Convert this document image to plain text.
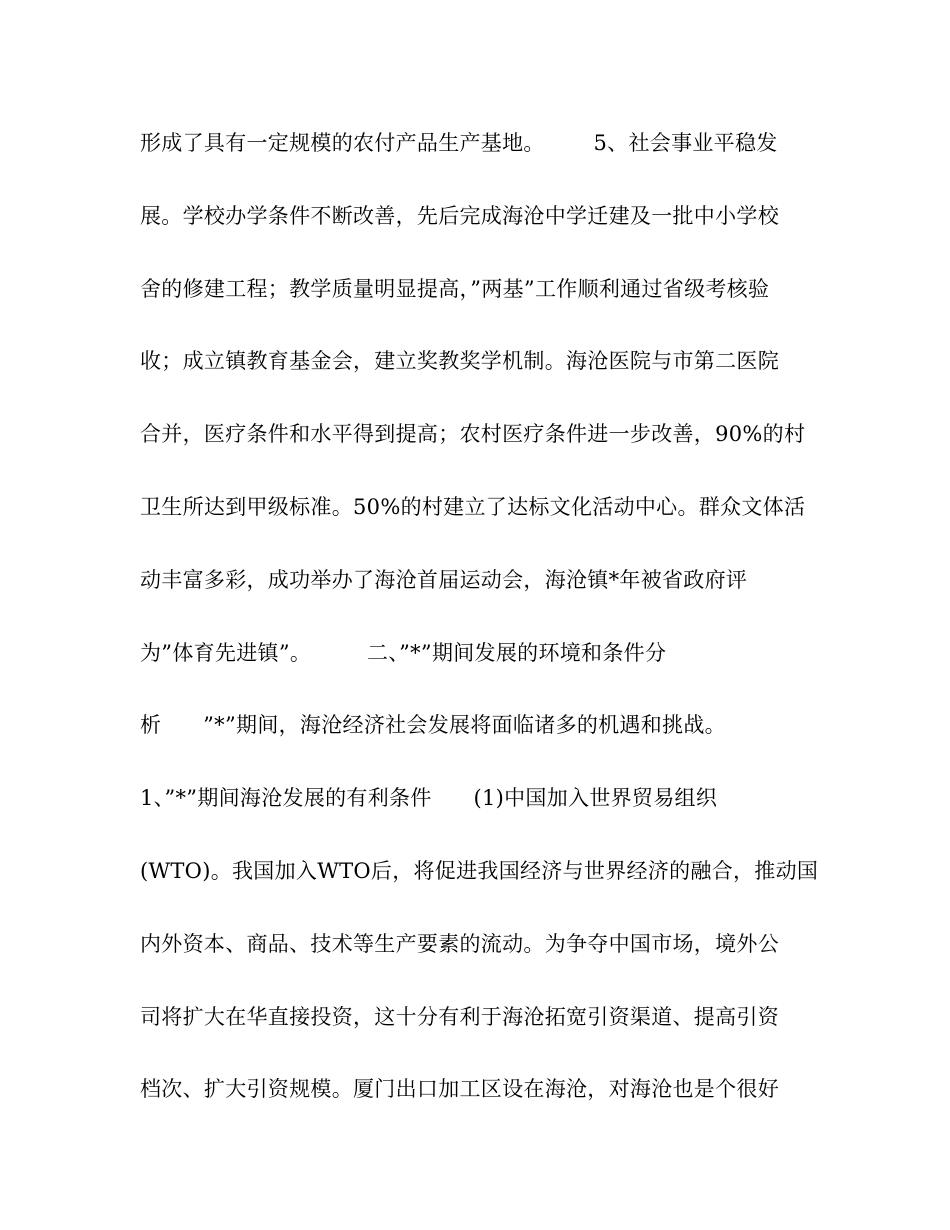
形成了具有一定规模的农付产品生产基地。       5、社会事业平稳发
展。学校办学条件不断改善，先后完成海沧中学迁建及一批中小学校
舍的修建工程；教学质量明显提高，”两基”工作顺利通过省级考核验
收；成立镇教育基金会，建立奖教奖学机制。海沧医院与市第二医院
合并，医疗条件和水平得到提高；农村医疗条件进一步改善，90%的村
卫生所达到甲级标准。50%的村建立了达标文化活动中心。群众文体活
动丰富多彩，成功举办了海沧首届运动会，海沧镇*年被省政府评
为”体育先进镇”。        二、”*”期间发展的环境和条件分
析      ”*”期间，海沧经济社会发展将面临诸多的机遇和挑战。
1、”*”期间海沧发展的有利条件      (1)中国加入世界贸易组织
(WTO)。我国加入WTO后，将促进我国经济与世界经济的融合，推动国
内外资本、商品、技术等生产要素的流动。为争夺中国市场，境外公
司将扩大在华直接投资，这十分有利于海沧拓宽引资渠道、提高引资
档次、扩大引资规模。厦门出口加工区设在海沧，对海沧也是个很好
